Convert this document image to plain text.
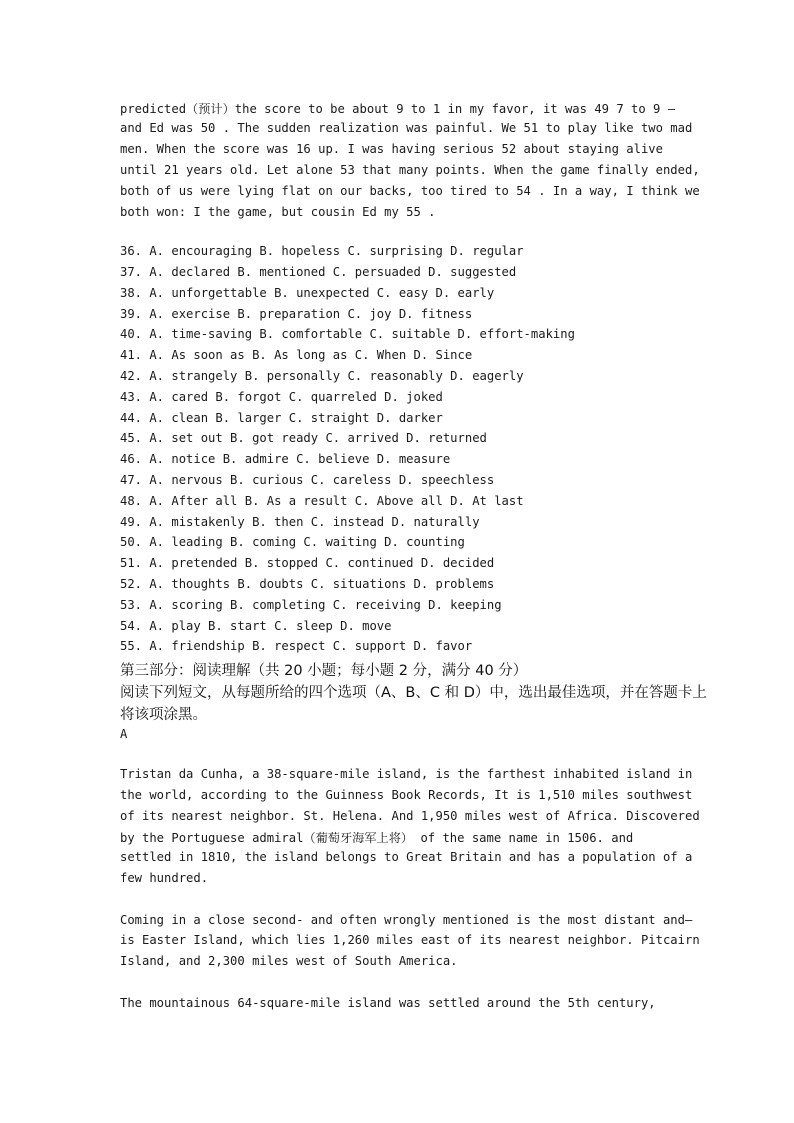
predicted（预计）the score to be about 9 to 1 in my favor, it was 49 7 to 9 —
and Ed was 50 . The sudden realization was painful. We 51 to play like two mad
men. When the score was 16 up. I was having serious 52 about staying alive
until 21 years old. Let alone 53 that many points. When the game finally ended,
both of us were lying flat on our backs, too tired to 54 . In a way, I think we
both won: I the game, but cousin Ed my 55 .
36. A. encouraging B. hopeless C. surprising D. regular
37. A. declared B. mentioned C. persuaded D. suggested
38. A. unforgettable B. unexpected C. easy D. early
39. A. exercise B. preparation C. joy D. fitness
40. A. time-saving B. comfortable C. suitable D. effort-making
41. A. As soon as B. As long as C. When D. Since
42. A. strangely B. personally C. reasonably D. eagerly
43. A. cared B. forgot C. quarreled D. joked
44. A. clean B. larger C. straight D. darker
45. A. set out B. got ready C. arrived D. returned
46. A. notice B. admire C. believe D. measure
47. A. nervous B. curious C. careless D. speechless
48. A. After all B. As a result C. Above all D. At last
49. A. mistakenly B. then C. instead D. naturally
50. A. leading B. coming C. waiting D. counting
51. A. pretended B. stopped C. continued D. decided
52. A. thoughts B. doubts C. situations D. problems
53. A. scoring B. completing C. receiving D. keeping
54. A. play B. start C. sleep D. move
55. A. friendship B. respect C. support D. favor
第三部分：阅读理解（共 20 小题；每小题 2 分，满分 40 分）
阅读下列短文，从每题所给的四个选项（A、B、C 和 D）中，选出最佳选项，并在答题卡上
将该项涂黑。
A
Tristan da Cunha, a 38-square-mile island, is the farthest inhabited island in
the world, according to the Guinness Book Records, It is 1,510 miles southwest
of its nearest neighbor. St. Helena. And 1,950 miles west of Africa. Discovered
by the Portuguese admiral（葡萄牙海军上将） of the same name in 1506. and
settled in 1810, the island belongs to Great Britain and has a population of a
few hundred.
Coming in a close second- and often wrongly mentioned is the most distant and—
is Easter Island, which lies 1,260 miles east of its nearest neighbor. Pitcairn
Island, and 2,300 miles west of South America.
The mountainous 64-square-mile island was settled around the 5th century,
